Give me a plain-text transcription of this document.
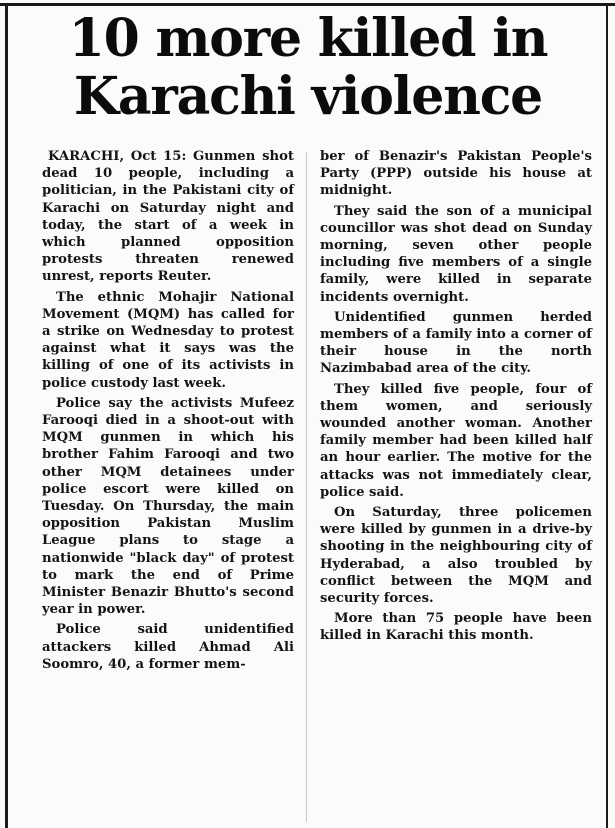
10 more killed in Karachi violence

KARACHI, Oct 15: Gunmen shot dead 10 people, including a politician, in the Pakistani city of Karachi on Saturday night and today, the start of a week in which planned opposition protests threaten renewed unrest, reports Reuter.

The ethnic Mohajir National Movement (MQM) has called for a strike on Wednesday to protest against what it says was the killing of one of its activists in police custody last week.

Police say the activists Mufeez Farooqi died in a shoot-out with MQM gunmen in which his brother Fahim Farooqi and two other MQM detainees under police escort were killed on Tuesday. On Thursday, the main opposition Pakistan Muslim League plans to stage a nationwide "black day" of protest to mark the end of Prime Minister Benazir Bhutto's second year in power.

Police said unidentified attackers killed Ahmad Ali Soomro, 40, a former mem-

ber of Benazir's Pakistan People's Party (PPP) outside his house at midnight.

They said the son of a municipal councillor was shot dead on Sunday morning, seven other people including five members of a single family, were killed in separate incidents overnight.

Unidentified gunmen herded members of a family into a corner of their house in the north Nazimbabad area of the city.

They killed five people, four of them women, and seriously wounded another woman. Another family member had been killed half an hour earlier. The motive for the attacks was not immediately clear, police said.

On Saturday, three policemen were killed by gunmen in a drive-by shooting in the neighbouring city of Hyderabad, a also troubled by conflict between the MQM and security forces.

More than 75 people have been killed in Karachi this month.
